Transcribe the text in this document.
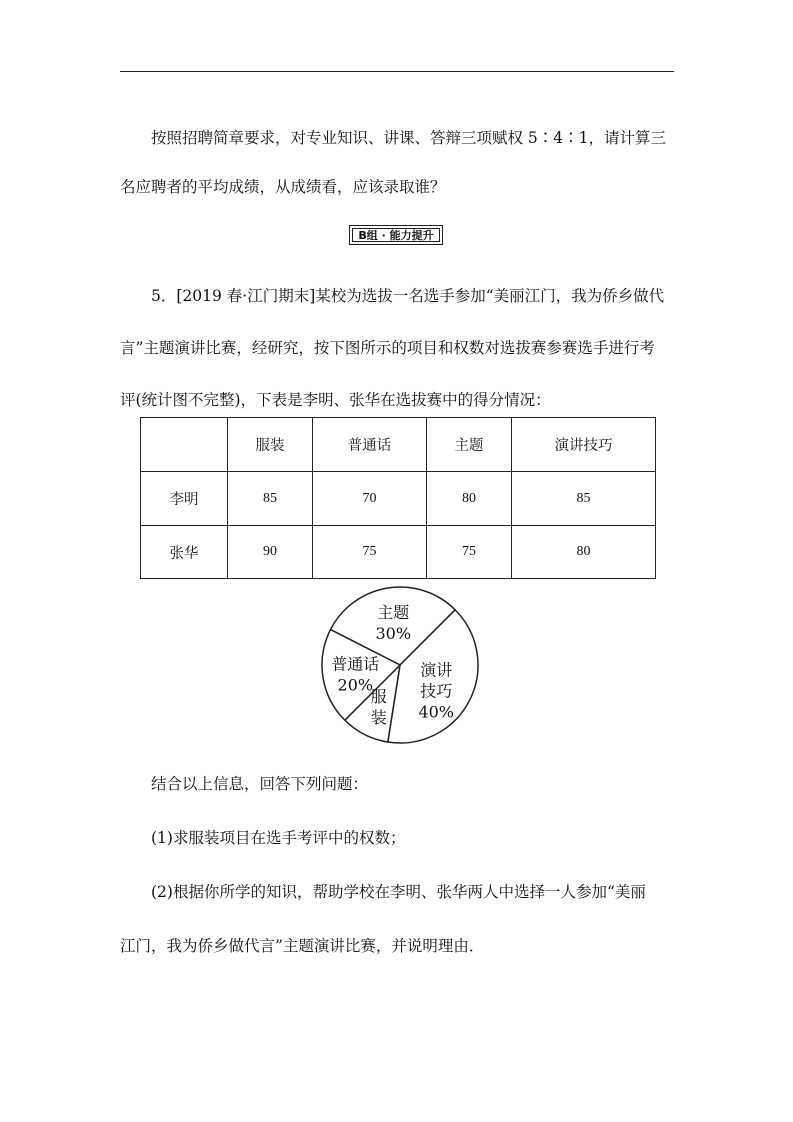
按照招聘简章要求，对专业知识、讲课、答辩三项赋权 5∶4∶1，请计算三
名应聘者的平均成绩，从成绩看，应该录取谁？
B组 · 能力提升
5．[2019 春·江门期末]某校为选拔一名选手参加“美丽江门，我为侨乡做代
言”主题演讲比赛，经研究，按下图所示的项目和权数对选拔赛参赛选手进行考
评(统计图不完整)，下表是李明、张华在选拔赛中的得分情况：
	服装	普通话	主题	演讲技巧
李明	85	70	80	85
张华	90	75	75	80
主题
30%
演讲
技巧
40%
服
装
普通话
20%
结合以上信息，回答下列问题：
(1)求服装项目在选手考评中的权数；
(2)根据你所学的知识，帮助学校在李明、张华两人中选择一人参加“美丽
江门，我为侨乡做代言”主题演讲比赛，并说明理由．
